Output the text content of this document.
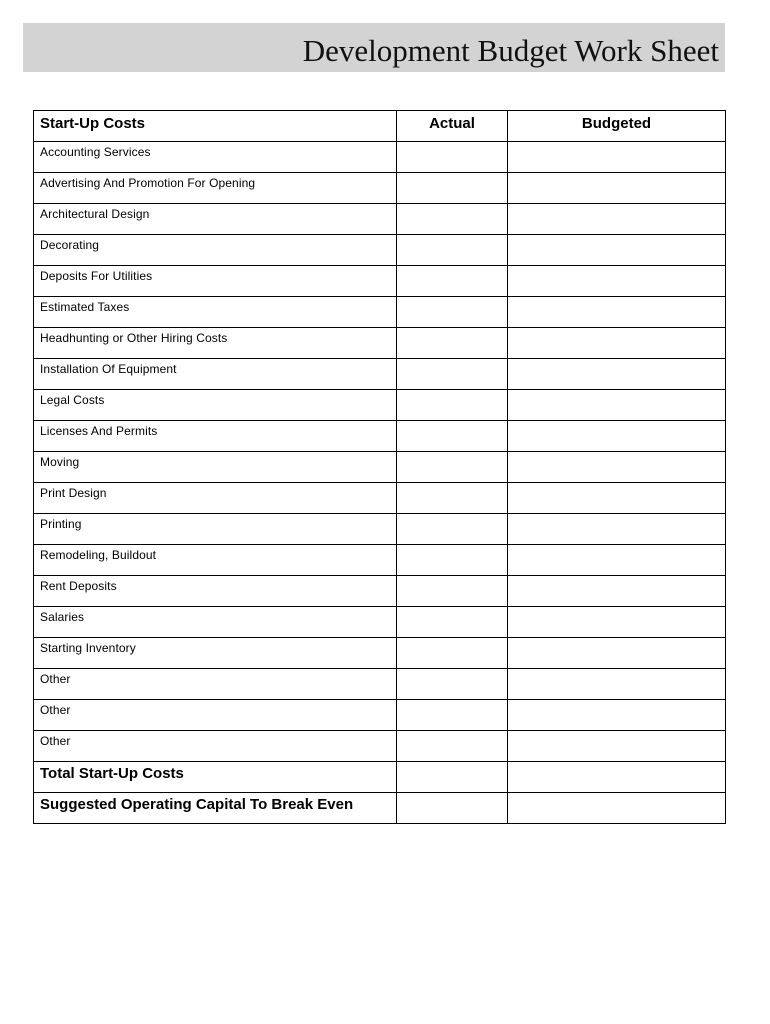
Development Budget Work Sheet
Start-Up Costs	Actual	Budgeted
Accounting Services		
Advertising And Promotion For Opening		
Architectural Design		
Decorating		
Deposits For Utilities		
Estimated Taxes		
Headhunting or Other Hiring Costs		
Installation Of Equipment		
Legal Costs		
Licenses And Permits		
Moving		
Print Design		
Printing		
Remodeling, Buildout		
Rent Deposits		
Salaries		
Starting Inventory		
Other		
Other		
Other		
Total Start-Up Costs		
Suggested Operating Capital To Break Even		
